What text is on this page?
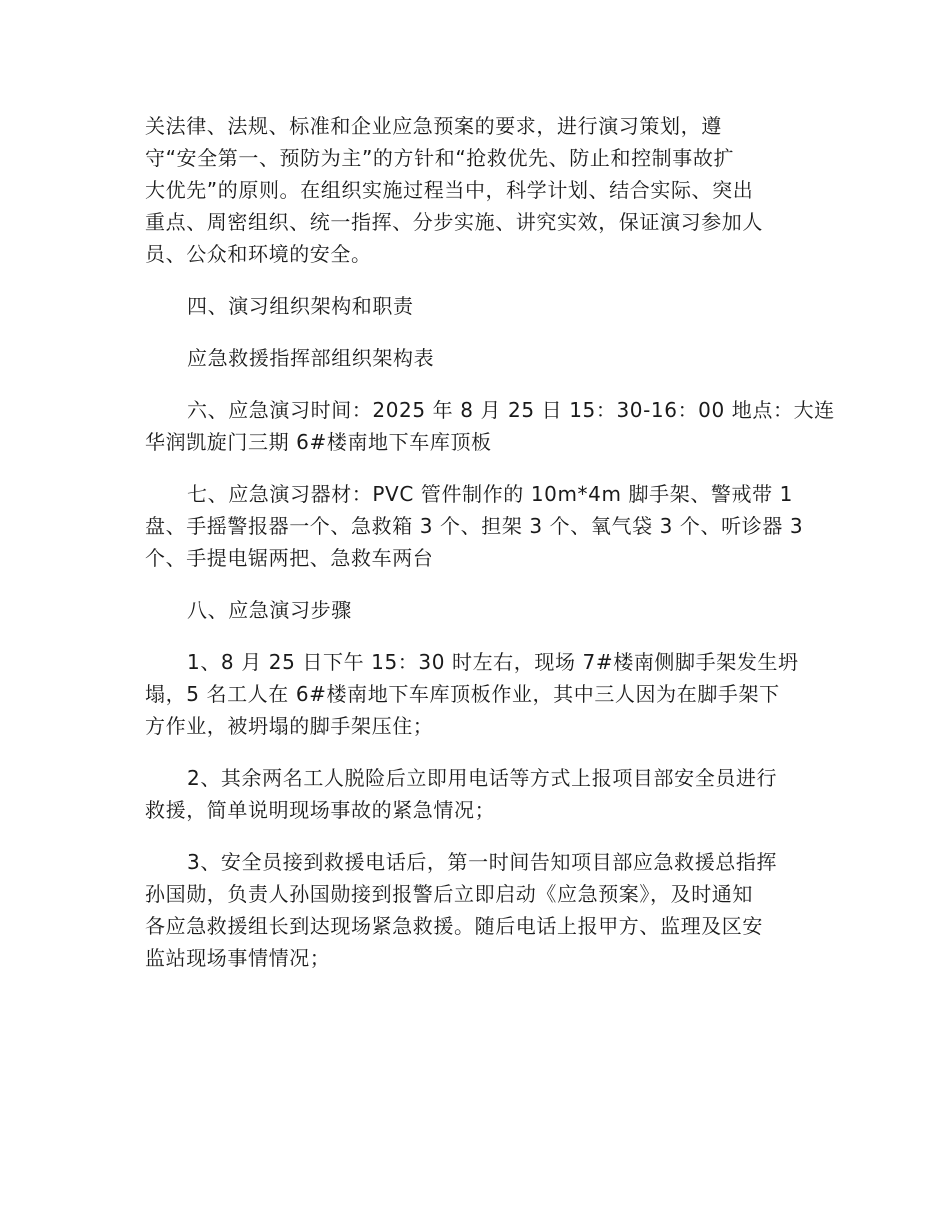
关法律、法规、标准和企业应急预案的要求，进行演习策划，遵
守“安全第一、预防为主”的方针和“抢救优先、防止和控制事故扩
大优先”的原则。在组织实施过程当中，科学计划、结合实际、突出
重点、周密组织、统一指挥、分步实施、讲究实效，保证演习参加人
员、公众和环境的安全。
四、演习组织架构和职责
应急救援指挥部组织架构表
六、应急演习时间：2025 年 8 月 25 日 15：30-16：00 地点：大连
华润凯旋门三期 6#楼南地下车库顶板
七、应急演习器材：PVC 管件制作的 10m*4m 脚手架、警戒带 1
盘、手摇警报器一个、急救箱 3 个、担架 3 个、氧气袋 3 个、听诊器 3
个、手提电锯两把、急救车两台
八、应急演习步骤
1、8 月 25 日下午 15：30 时左右，现场 7#楼南侧脚手架发生坍
塌，5 名工人在 6#楼南地下车库顶板作业，其中三人因为在脚手架下
方作业，被坍塌的脚手架压住；
2、其余两名工人脱险后立即用电话等方式上报项目部安全员进行
救援，简单说明现场事故的紧急情况；
3、安全员接到救援电话后，第一时间告知项目部应急救援总指挥
孙国勋，负责人孙国勋接到报警后立即启动《应急预案》，及时通知
各应急救援组长到达现场紧急救援。随后电话上报甲方、监理及区安
监站现场事情情况；
